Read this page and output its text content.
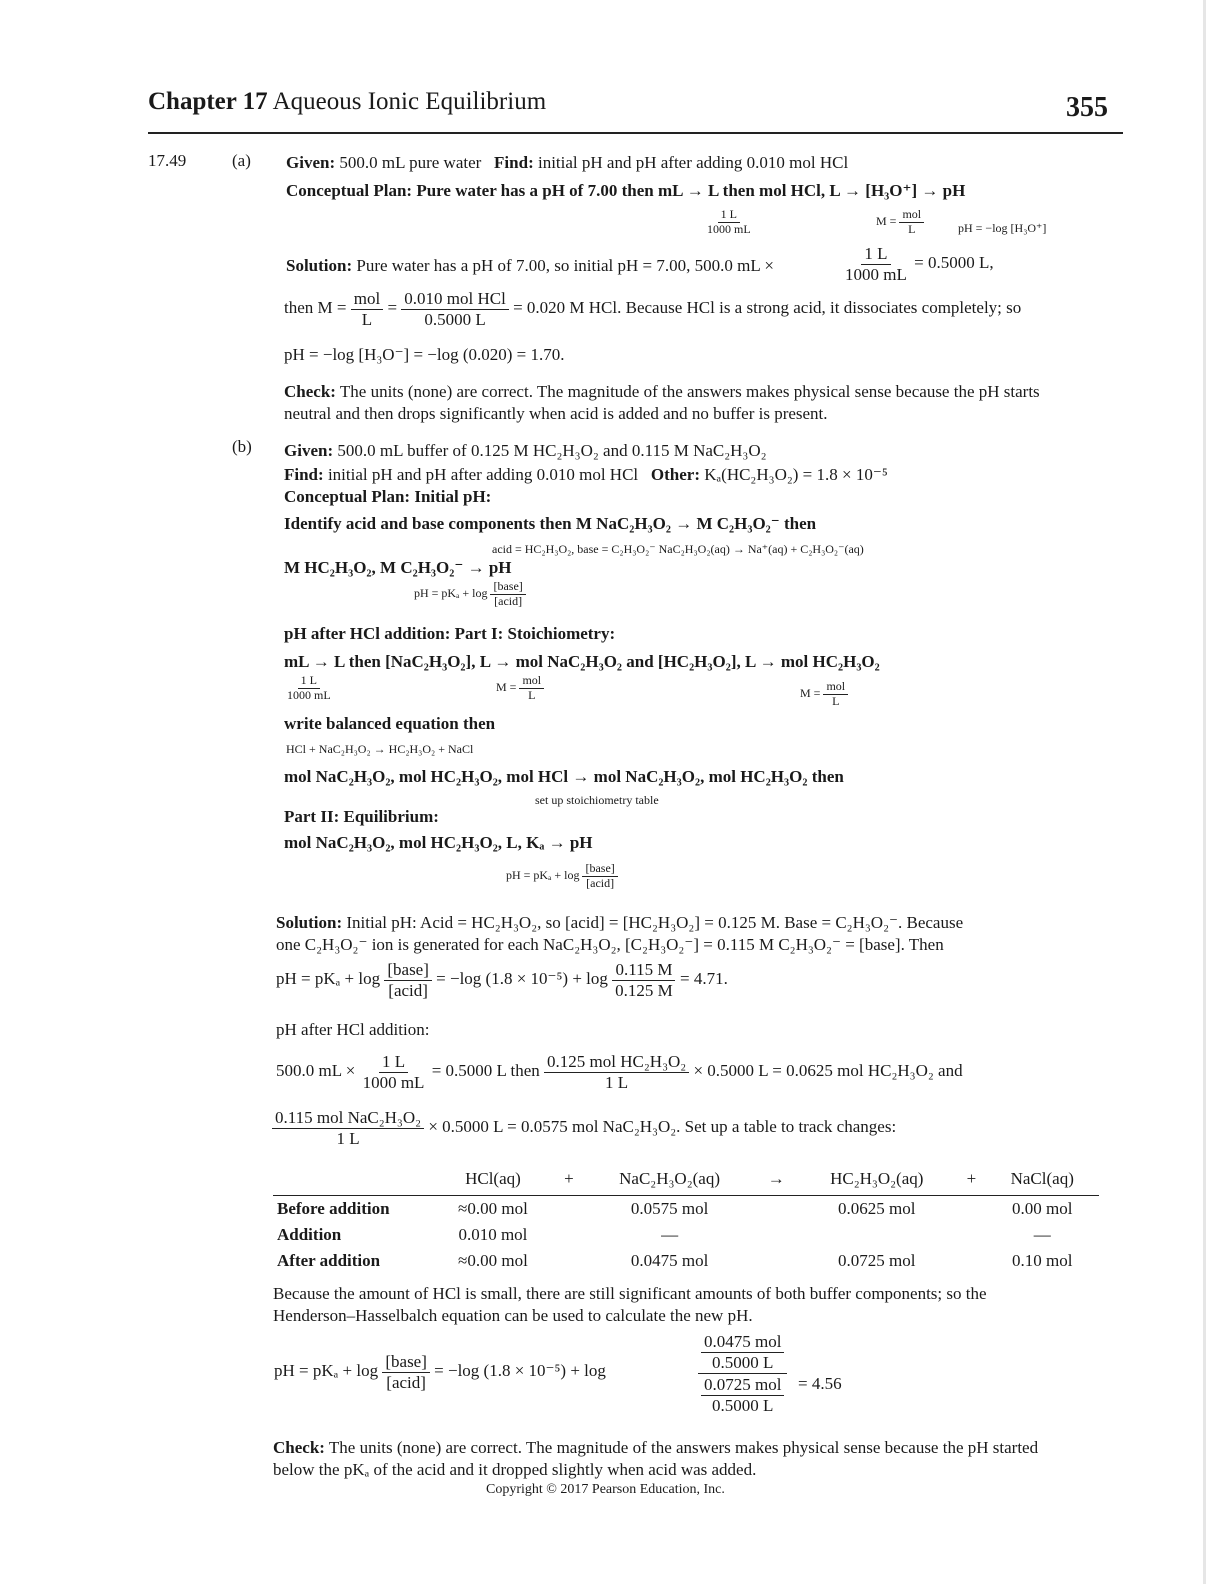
Chapter 17 Aqueous Ionic Equilibrium	355
17.49	(a) Given: 500.0 mL pure water Find: initial pH and pH after adding 0.010 mol HCl
Conceptual Plan: Pure water has a pH of 7.00 then mL → L then mol HCl, L → [H₃O⁺] → pH
$\frac{1 L}{1000 mL}$	$M = \frac{\text{mol}}{L}$	pH = −log [H₃O⁺]
Solution: Pure water has a pH of 7.00, so initial pH = 7.00, 500.0 mL ×	$\frac{1 L}{1000 mL} = 0.5000$ L,
then $M = \frac{\text{mol}}{L} = \frac{\text{0.010 mol HCl}}{0.5000 L} = 0.020$ M HCl. Because HCl is a strong acid, it dissociates completely; so
pH = −log [H₃O⁻] = −log (0.020) = 1.70.
Check: The units (none) are correct. The magnitude of the answers makes physical sense because the pH starts
neutral and then drops significantly when acid is added and no buffer is present.
(b) Given: 500.0 mL buffer of 0.125 M HC₂H₃O₂ and 0.115 M NaC₂H₃O₂
Find: initial pH and pH after adding 0.010 mol HCl Other: Kₐ(HC₂H₃O₂) = 1.8 × 10⁻⁵
Conceptual Plan: Initial pH:
Identify acid and base components then M NaC₂H₃O₂ → M C₂H₃O₂⁻ then
acid = HC₂H₃O₂, base = C₂H₃O₂⁻ NaC₂H₃O₂(aq) → Na⁺(aq) + C₂H₃O₂⁻(aq)
M HC₂H₃O₂, M C₂H₃O₂⁻ → pH
pH = $pK_a + \log \frac{\text{[base]}}{\text{[acid]}}$
pH after HCl addition: Part I: Stoichiometry:
mL → L then [NaC₂H₃O₂], L → mol NaC₂H₃O₂ and [HC₂H₃O₂], L → mol HC₂H₃O₂
$\frac{1 L}{1000 mL}$	$M = \frac{\text{mol}}{L}$	$M = \frac{\text{mol}}{L}$
write balanced equation then
HCl + NaC₂H₃O₂ → HC₂H₃O₂ + NaCl
mol NaC₂H₃O₂, mol HC₂H₃O₂, mol HCl → mol NaC₂H₃O₂, mol HC₂H₃O₂ then
set up stoichiometry table
Part II: Equilibrium:
mol NaC₂H₃O₂, mol HC₂H₃O₂, L, Kₐ → pH
pH = $pK_a + \log \frac{\text{[base]}}{\text{[acid]}}$
Solution: Initial pH: Acid = HC₂H₃O₂, so [acid] = [HC₂H₃O₂] = 0.125 M. Base = C₂H₃O₂⁻. Because
one C₂H₃O₂⁻ ion is generated for each NaC₂H₃O₂, [C₂H₃O₂⁻] = 0.115 M C₂H₃O₂⁻ = [base]. Then
pH = $pK_a + \log \frac{\text{[base]}}{\text{[acid]}} = -\log$ $(1.8 \times 10^{-5}) + \log \frac{0.115 M}{0.125 M} = 4.71$.
pH after HCl addition:
500.0 mL × $\frac{1 L}{1000 mL} = 0.5000$ L then $\frac{\text{0.125 mol HC₂H₃O₂}}{1 L} \times 0.5000$ L = 0.0625 mol HC₂H₃O₂ and
$\frac{\text{0.115 mol NaC₂H₃O₂}}{1 L} \times 0.5000$ L = 0.0575 mol NaC₂H₃O₂. Set up a table to track changes:
	HCl(aq)	+	NaC₂H₃O₂(aq)	→	HC₂H₃O₂(aq)	+	NaCl(aq)
Before addition	≈0.00 mol		0.0575 mol		0.0625 mol		0.00 mol
Addition	0.010 mol		—				—
After addition	≈0.00 mol		0.0475 mol		0.0725 mol		0.10 mol
Because the amount of HCl is small, there are still significant amounts of both buffer components; so the
Henderson–Hasselbalch equation can be used to calculate the new pH.
pH = $pK_a + \log \frac{\text{[base]}}{\text{[acid]}} = -\log$ (1.8 × 10⁻⁵) + log	$\frac{\frac{\text{0.0475 mol}}{0.5000 L}}{\frac{\text{0.0725 mol}}{0.5000 L}} = 4.56$
Check: The units (none) are correct. The magnitude of the answers makes physical sense because the pH started
below the pKₐ of the acid and it dropped slightly when acid was added.
Copyright © 2017 Pearson Education, Inc.
